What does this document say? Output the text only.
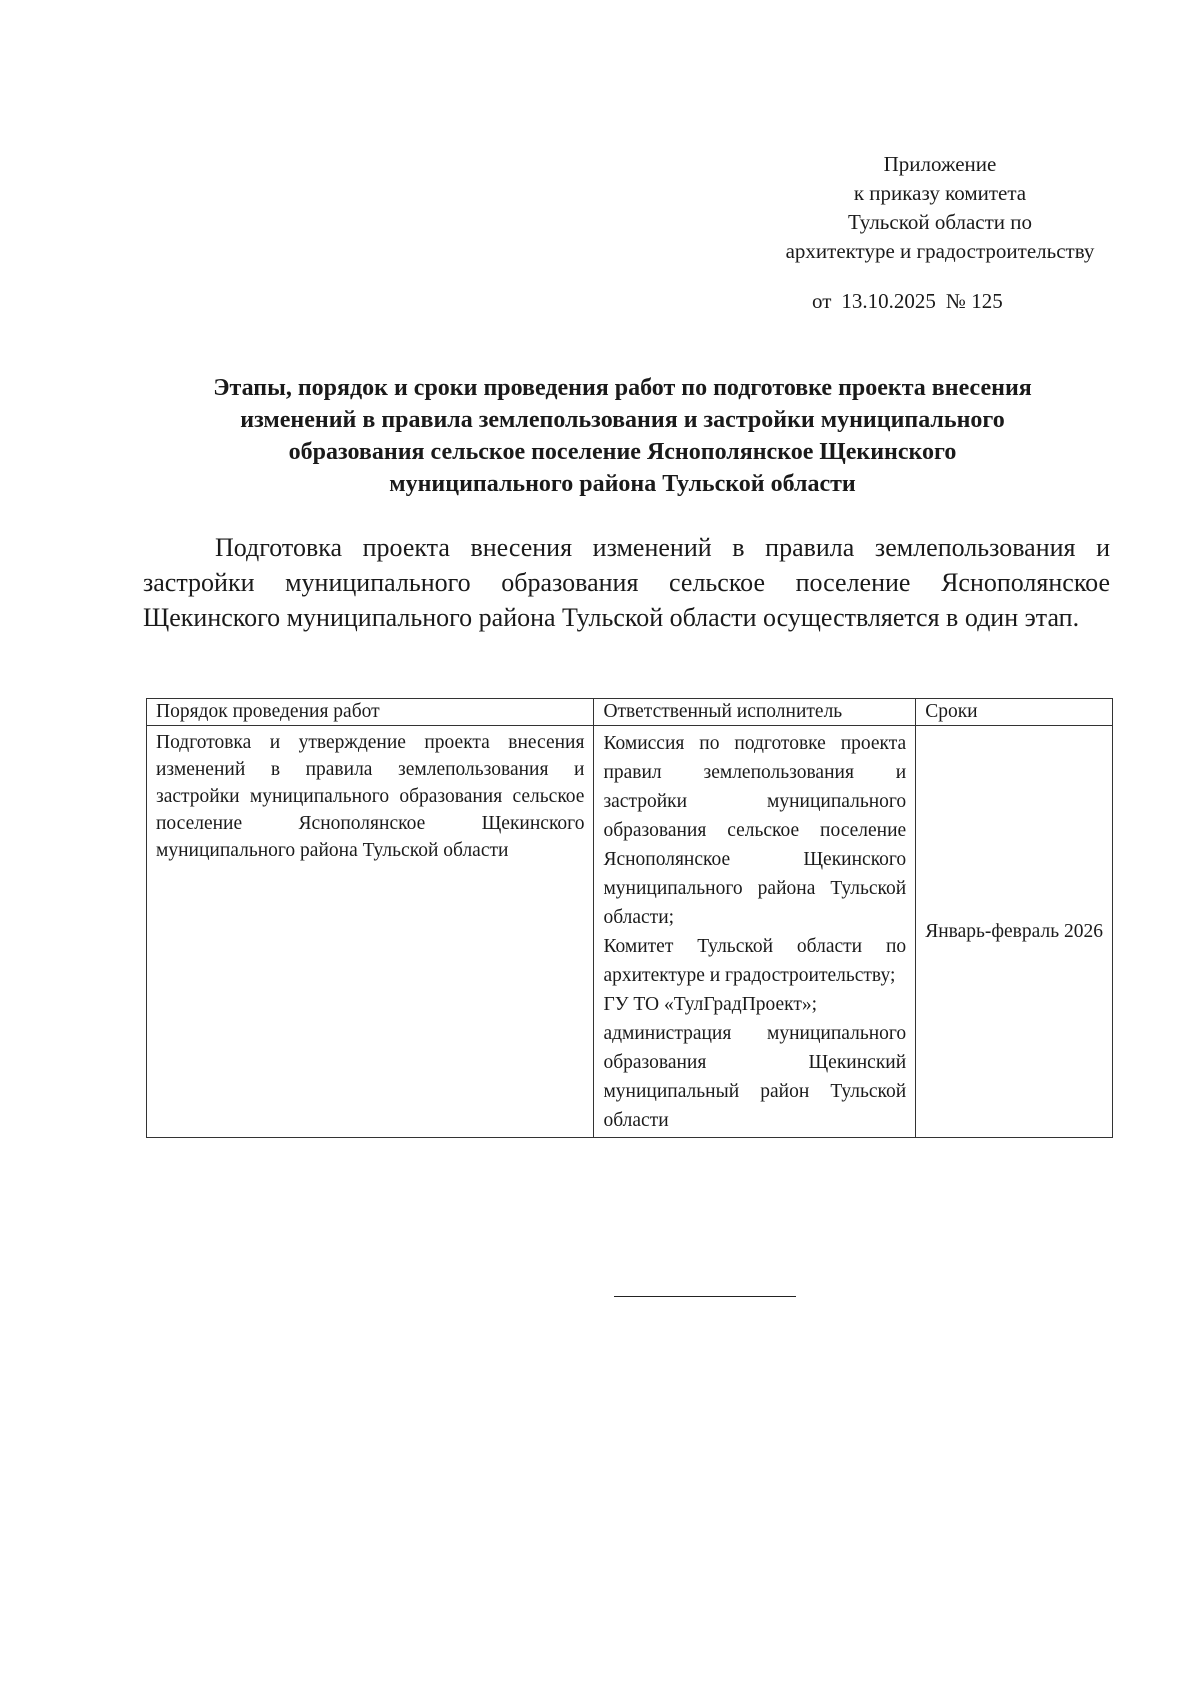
Приложение
к приказу комитета
Тульской области по
архитектуре и градостроительству
от 13.10.2025 № 125
Этапы, порядок и сроки проведения работ по подготовке проекта внесения
изменений в правила землепользования и застройки муниципального
образования сельское поселение Яснополянское Щекинского
муниципального района Тульской области

Подготовка проекта внесения изменений в правила землепользования и застройки муниципального образования сельское поселение Яснополянское Щекинского муниципального района Тульской области осуществляется в один этап.

Порядок проведения работ	Ответственный исполнитель	Сроки
Подготовка и утверждение проекта внесения изменений в правила землепользования и застройки муниципального образования сельское поселение Яснополянское Щекинского муниципального района Тульской области	Комиссия по подготовке проекта правил землепользования и застройки муниципального образования сельское поселение Яснополянское Щекинского муниципального района Тульской области;
Комитет Тульской области по архитектуре и градостроительству;
ГУ ТО «ТулГрадПроект»;
администрация муниципального образования Щекинский муниципальный район Тульской области	Январь-февраль 2026
